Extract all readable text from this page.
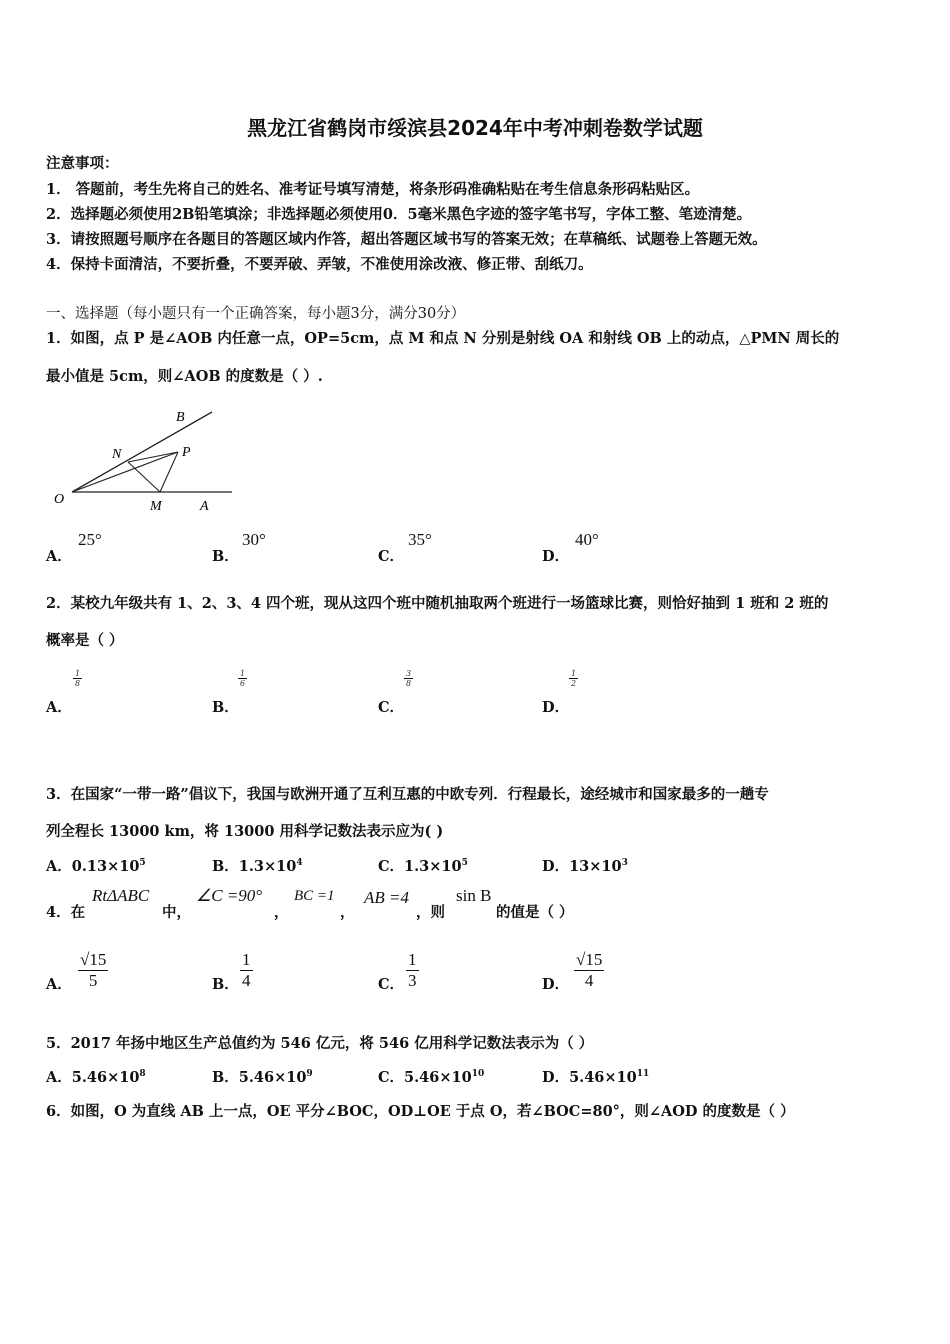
黑龙江省鹤岗市绥滨县2024年中考冲刺卷数学试题
注意事项：
1． 答题前，考生先将自己的姓名、准考证号填写清楚，将条形码准确粘贴在考生信息条形码粘贴区。
2．选择题必须使用2B铅笔填涂；非选择题必须使用0．5毫米黑色字迹的签字笔书写，字体工整、笔迹清楚。
3．请按照题号顺序在各题目的答题区域内作答，超出答题区域书写的答案无效；在草稿纸、试题卷上答题无效。
4．保持卡面清洁，不要折叠，不要弄破、弄皱，不准使用涂改液、修正带、刮纸刀。
一、选择题（每小题只有一个正确答案，每小题3分，满分30分）
1．如图，点 P 是∠AOB 内任意一点，OP=5cm，点 M 和点 N 分别是射线 OA 和射线 OB 上的动点，△PMN 周长的
最小值是 5cm，则∠AOB 的度数是（ ）.
B
N	P
O	M	A
A．
25°
B．
30°
C．
35°
D．
40°
2．某校九年级共有 1、2、3、4 四个班，现从这四个班中随机抽取两个班进行一场篮球比赛，则恰好抽到 1 班和 2 班的
概率是（ ）
A．
$\frac{1}{8}$
B．
$\frac{1}{6}$
C．
$\frac{3}{8}$
D．
$\frac{1}{2}$
3．在国家“一带一路”倡议下，我国与欧洲开通了互利互惠的中欧专列．行程最长，途经城市和国家最多的一趟专
列全程长 13000 km，将 13000 用科学记数法表示应为( )
A．$0.13\times 10^5$	B．$1.3\times 10^4$	C．$1.3\times 10^5$	D．$13\times 10^3$
4．在
RtΔABC
中，
∠C =90°
，
BC =1
，
AB =4
，则
sin B
的值是（ ）
A． $\frac{√15}{5}$	B． $\frac{1}{4}$	C． $\frac{1}{3}$	D． $\frac{√15}{4}$
5．2017 年扬中地区生产总值约为 546 亿元，将 546 亿用科学记数法表示为（ ）
A．$5.46\times 10^8$	B．$5.46\times 10^9$	C．$5.46\times 10^{10}$	D．$5.46\times 10^{11}$
6．如图，O 为直线 AB 上一点，OE 平分∠BOC，OD⊥OE 于点 O，若∠BOC=80°，则∠AOD 的度数是（ ）
